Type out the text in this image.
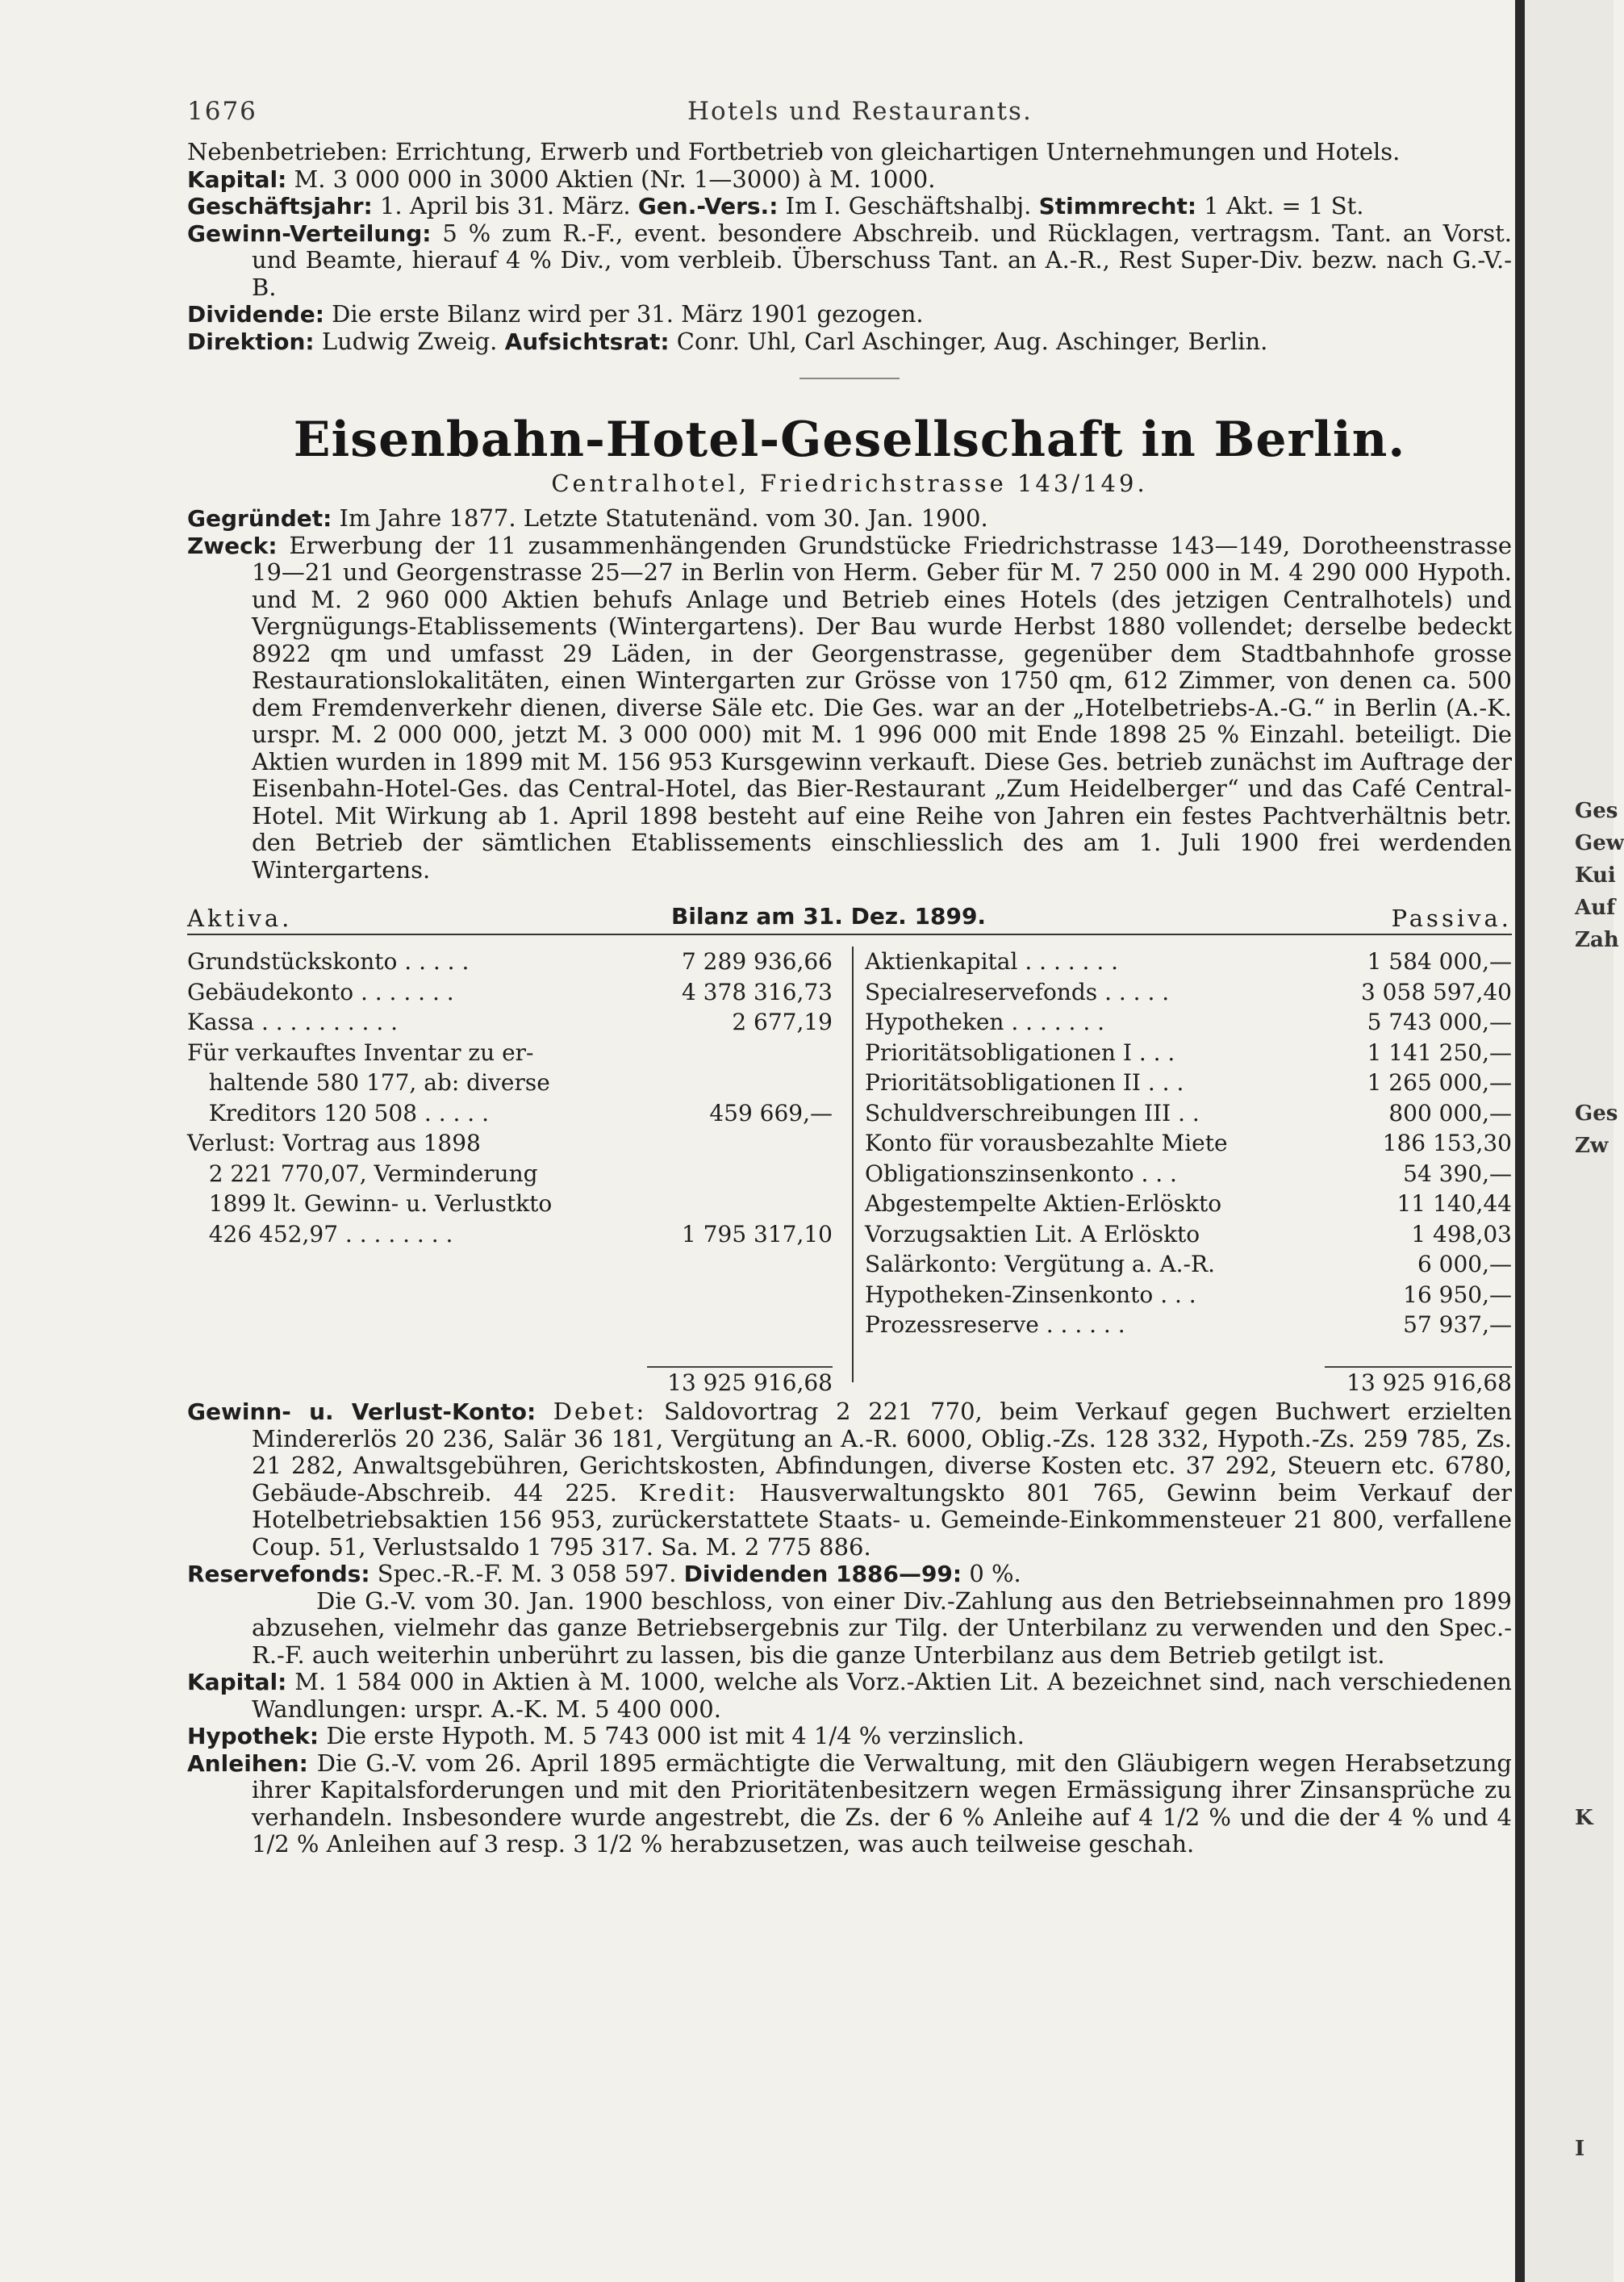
Ges
Gew
Kui
Auf
Zah
Ges
Zw
K
I
1676	Hotels und Restaurants.

Nebenbetrieben: Errichtung, Erwerb und Fortbetrieb von gleichartigen Unternehmungen und Hotels.

Kapital: M. 3 000 000 in 3000 Aktien (Nr. 1—3000) à M. 1000.

Geschäftsjahr: 1. April bis 31. März. Gen.-Vers.: Im I. Geschäftshalbj. Stimmrecht: 1 Akt. = 1 St.

Gewinn-Verteilung: 5 % zum R.-F., event. besondere Abschreib. und Rücklagen, vertragsm. Tant. an Vorst. und Beamte, hierauf 4 % Div., vom verbleib. Überschuss Tant. an A.-R., Rest Super-Div. bezw. nach G.-V.-B.

Dividende: Die erste Bilanz wird per 31. März 1901 gezogen.

Direktion: Ludwig Zweig. Aufsichtsrat: Conr. Uhl, Carl Aschinger, Aug. Aschinger, Berlin.

Eisenbahn-Hotel-Gesellschaft in Berlin.
Centralhotel, Friedrichstrasse 143/149.

Gegründet: Im Jahre 1877. Letzte Statutenänd. vom 30. Jan. 1900.

Zweck: Erwerbung der 11 zusammenhängenden Grundstücke Friedrichstrasse 143—149, Dorotheenstrasse 19—21 und Georgenstrasse 25—27 in Berlin von Herm. Geber für M. 7 250 000 in M. 4 290 000 Hypoth. und M. 2 960 000 Aktien behufs Anlage und Betrieb eines Hotels (des jetzigen Centralhotels) und Vergnügungs-Etablissements (Wintergartens). Der Bau wurde Herbst 1880 vollendet; derselbe bedeckt 8922 qm und umfasst 29 Läden, in der Georgenstrasse, gegenüber dem Stadtbahnhofe grosse Restaurationslokalitäten, einen Wintergarten zur Grösse von 1750 qm, 612 Zimmer, von denen ca. 500 dem Fremdenverkehr dienen, diverse Säle etc. Die Ges. war an der „Hotelbetriebs-A.-G.“ in Berlin (A.-K. urspr. M. 2 000 000, jetzt M. 3 000 000) mit M. 1 996 000 mit Ende 1898 25 % Einzahl. beteiligt. Die Aktien wurden in 1899 mit M. 156 953 Kursgewinn verkauft. Diese Ges. betrieb zunächst im Auftrage der Eisenbahn-Hotel-Ges. das Central-Hotel, das Bier-Restaurant „Zum Heidelberger“ und das Café Central-Hotel. Mit Wirkung ab 1. April 1898 besteht auf eine Reihe von Jahren ein festes Pachtverhältnis betr. den Betrieb der sämtlichen Etablissements einschliesslich des am 1. Juli 1900 frei werdenden Wintergartens.

Aktiva.	Bilanz am 31. Dez. 1899.	Passiva.
Grundstückskonto . . . . .	7 289 936,66
Gebäudekonto . . . . . . .	4 378 316,73
Kassa . . . . . . . . . .	2 677,19
Für verkauftes Inventar zu er-
haltende 580 177, ab: diverse
Kreditors 120 508 . . . . .	459 669,—
Verlust: Vortrag aus 1898
2 221 770,07, Verminderung
1899 lt. Gewinn- u. Verlustkto
426 452,97 . . . . . . . .	1 795 317,10
Aktienkapital . . . . . . .	1 584 000,—
Specialreservefonds . . . . .	3 058 597,40
Hypotheken . . . . . . .	5 743 000,—
Prioritätsobligationen I . . .	1 141 250,—
Prioritätsobligationen II . . .	1 265 000,—
Schuldverschreibungen III . .	800 000,—
Konto für vorausbezahlte Miete	186 153,30
Obligationszinsenkonto . . .	54 390,—
Abgestempelte Aktien-Erlöskto	11 140,44
Vorzugsaktien Lit. A Erlöskto	1 498,03
Salärkonto: Vergütung a. A.-R.	6 000,—
Hypotheken-Zinsenkonto . . .	16 950,—
Prozessreserve . . . . . .	57 937,—
13 925 916,68	13 925 916,68

Gewinn- u. Verlust-Konto: Debet: Saldovortrag 2 221 770, beim Verkauf gegen Buchwert erzielten Mindererlös 20 236, Salär 36 181, Vergütung an A.-R. 6000, Oblig.-Zs. 128 332, Hypoth.-Zs. 259 785, Zs. 21 282, Anwaltsgebühren, Gerichtskosten, Abfindungen, diverse Kosten etc. 37 292, Steuern etc. 6780, Gebäude-Abschreib. 44 225. Kredit: Hausverwaltungskto 801 765, Gewinn beim Verkauf der Hotelbetriebsaktien 156 953, zurückerstattete Staats- u. Gemeinde-Einkommensteuer 21 800, verfallene Coup. 51, Verlustsaldo 1 795 317. Sa. M. 2 775 886.

Reservefonds: Spec.-R.-F. M. 3 058 597. Dividenden 1886—99: 0 %.

Die G.-V. vom 30. Jan. 1900 beschloss, von einer Div.-Zahlung aus den Betriebseinnahmen pro 1899 abzusehen, vielmehr das ganze Betriebsergebnis zur Tilg. der Unterbilanz zu verwenden und den Spec.-R.-F. auch weiterhin unberührt zu lassen, bis die ganze Unterbilanz aus dem Betrieb getilgt ist.

Kapital: M. 1 584 000 in Aktien à M. 1000, welche als Vorz.-Aktien Lit. A bezeichnet sind, nach verschiedenen Wandlungen: urspr. A.-K. M. 5 400 000.

Hypothek: Die erste Hypoth. M. 5 743 000 ist mit 4 1/4 % verzinslich.

Anleihen: Die G.-V. vom 26. April 1895 ermächtigte die Verwaltung, mit den Gläubigern wegen Herabsetzung ihrer Kapitalsforderungen und mit den Prioritätenbesitzern wegen Ermässigung ihrer Zinsansprüche zu verhandeln. Insbesondere wurde angestrebt, die Zs. der 6 % Anleihe auf 4 1/2 % und die der 4 % und 4 1/2 % Anleihen auf 3 resp. 3 1/2 % herabzusetzen, was auch teilweise geschah.
